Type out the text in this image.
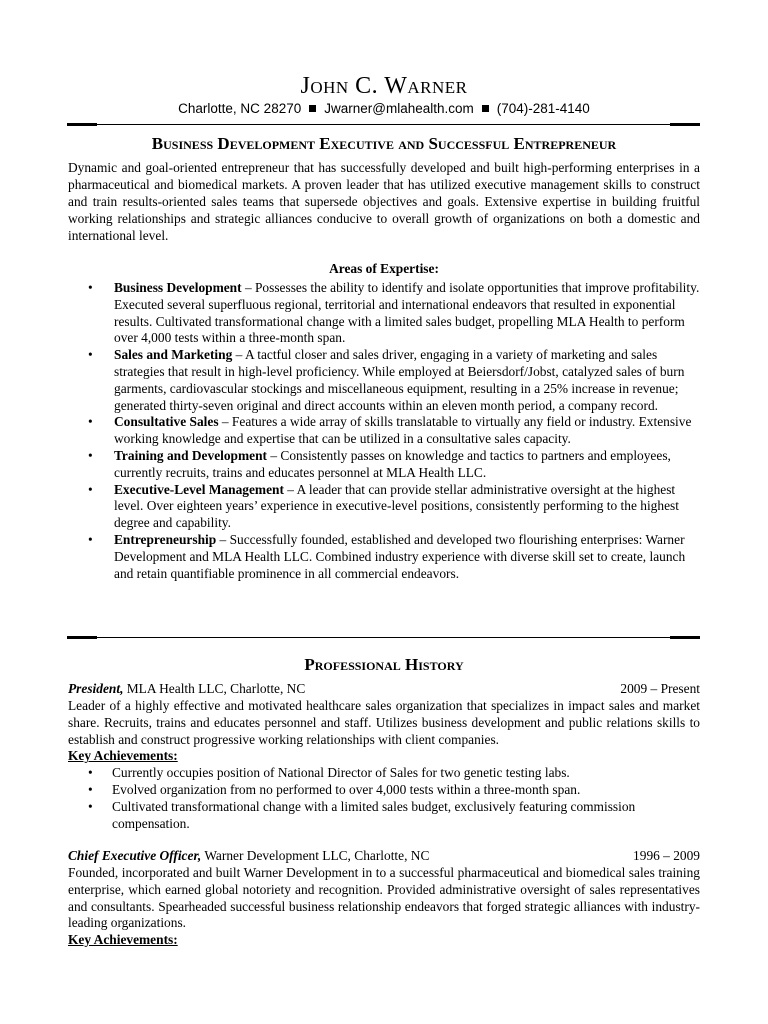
John C. Warner
Charlotte, NC 28270 Jwarner@mlahealth.com (704)-281-4140
Business Development Executive and Successful Entrepreneur
Dynamic and goal-oriented entrepreneur that has successfully developed and built high-performing enterprises in a pharmaceutical and biomedical markets. A proven leader that has utilized executive management skills to construct and train results-oriented sales teams that supersede objectives and goals. Extensive expertise in building fruitful working relationships and strategic alliances conducive to overall growth of organizations on both a domestic and international level.
Areas of Expertise:
• Business Development – Possesses the ability to identify and isolate opportunities that improve profitability. Executed several superfluous regional, territorial and international endeavors that resulted in exponential results. Cultivated transformational change with a limited sales budget, propelling MLA Health to perform over 4,000 tests within a three-month span.
• Sales and Marketing – A tactful closer and sales driver, engaging in a variety of marketing and sales strategies that result in high-level proficiency. While employed at Beiersdorf/Jobst, catalyzed sales of burn garments, cardiovascular stockings and miscellaneous equipment, resulting in a 25% increase in revenue; generated thirty-seven original and direct accounts within an eleven month period, a company record.
• Consultative Sales – Features a wide array of skills translatable to virtually any field or industry. Extensive working knowledge and expertise that can be utilized in a consultative sales capacity.
• Training and Development – Consistently passes on knowledge and tactics to partners and employees, currently recruits, trains and educates personnel at MLA Health LLC.
• Executive-Level Management – A leader that can provide stellar administrative oversight at the highest level. Over eighteen years’ experience in executive-level positions, consistently performing to the highest degree and capability.
• Entrepreneurship – Successfully founded, established and developed two flourishing enterprises: Warner Development and MLA Health LLC. Combined industry experience with diverse skill set to create, launch and retain quantifiable prominence in all commercial endeavors.
Professional History
President, MLA Health LLC, Charlotte, NC	2009 – Present
Leader of a highly effective and motivated healthcare sales organization that specializes in impact sales and market share. Recruits, trains and educates personnel and staff. Utilizes business development and public relations skills to establish and construct progressive working relationships with client companies.
Key Achievements:
• Currently occupies position of National Director of Sales for two genetic testing labs.
• Evolved organization from no performed to over 4,000 tests within a three-month span.
• Cultivated transformational change with a limited sales budget, exclusively featuring commission compensation.
Chief Executive Officer, Warner Development LLC, Charlotte, NC	1996 – 2009
Founded, incorporated and built Warner Development in to a successful pharmaceutical and biomedical sales training enterprise, which earned global notoriety and recognition. Provided administrative oversight of sales representatives and consultants. Spearheaded successful business relationship endeavors that forged strategic alliances with industry-leading organizations.
Key Achievements:
